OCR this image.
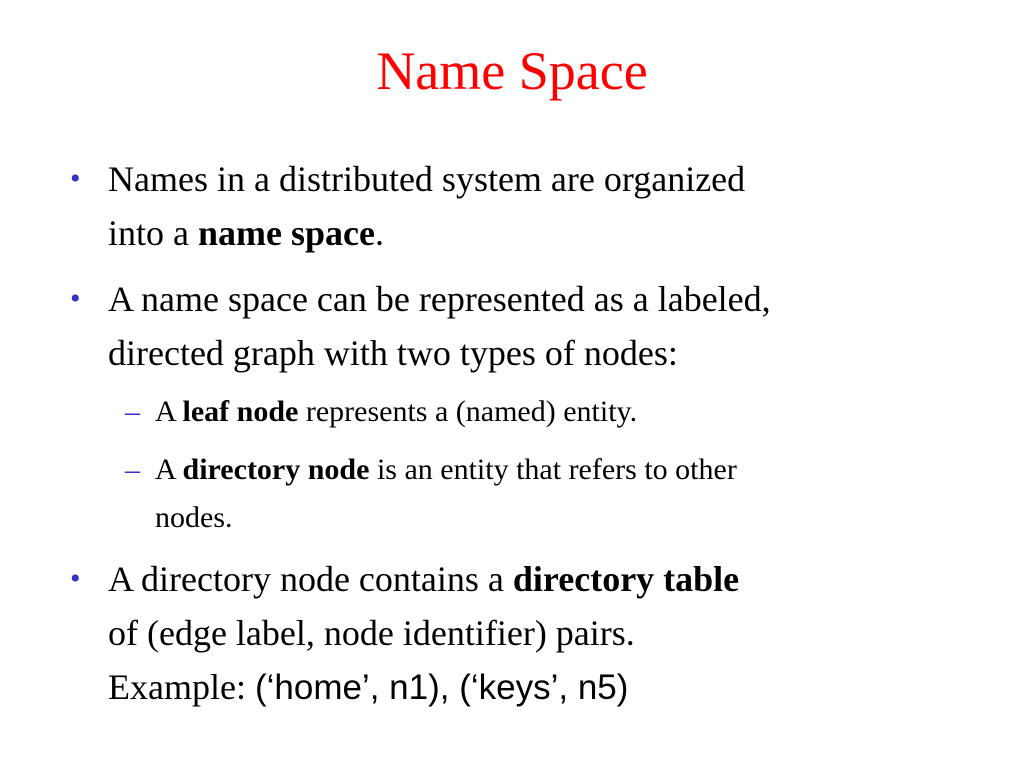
Name Space
• Names in a distributed system are organized
into a name space.
• A name space can be represented as a labeled,
directed graph with two types of nodes:
– A leaf node represents a (named) entity.
– A directory node is an entity that refers to other
nodes.
• A directory node contains a directory table
of (edge label, node identifier) pairs.
Example: (‘home’, n1), (‘keys’, n5)
